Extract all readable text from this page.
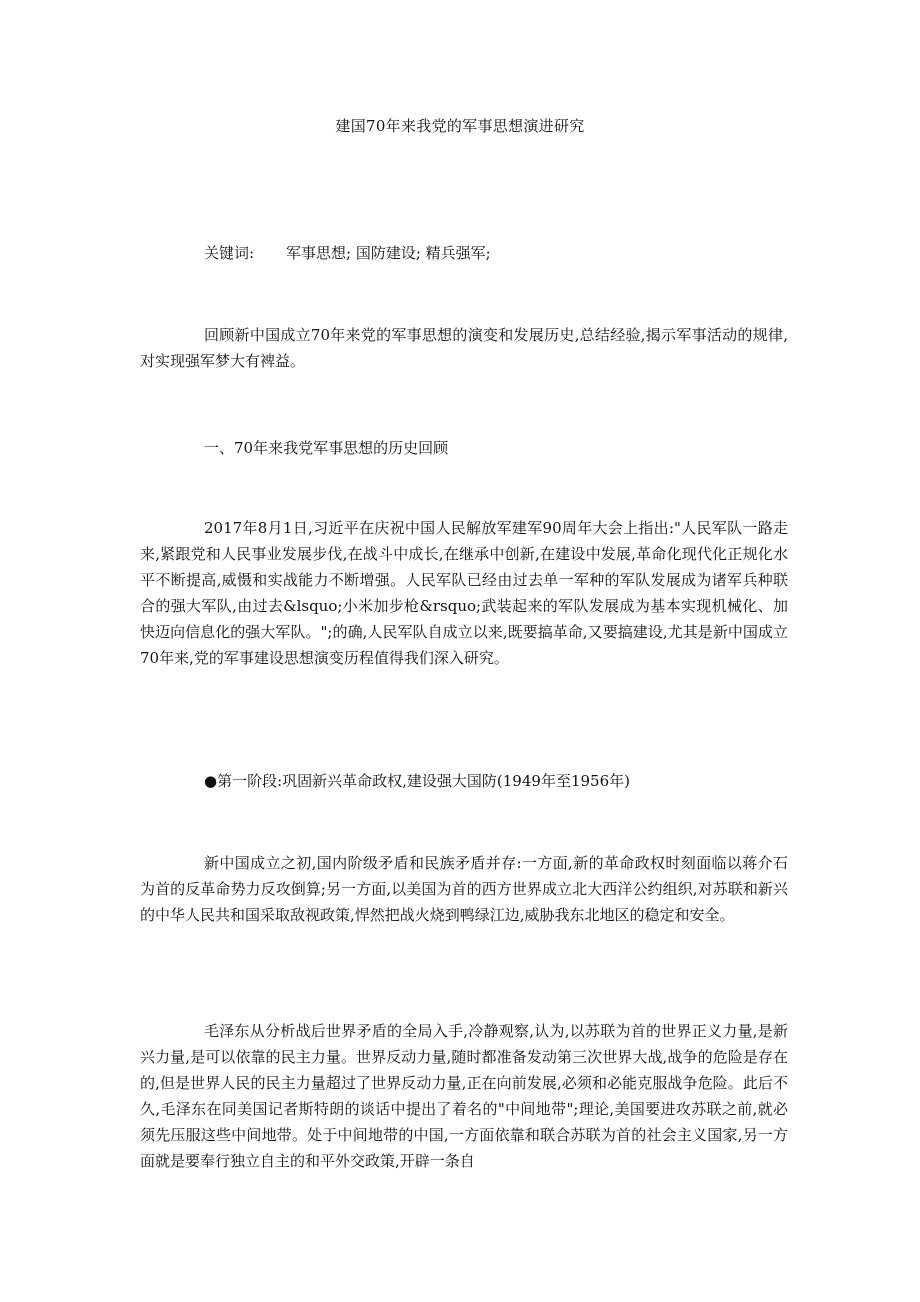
建国70年来我党的军事思想演进研究
关键词: 军事思想; 国防建设; 精兵强军;
回顾新中国成立70年来党的军事思想的演变和发展历史,总结经验,揭示军事活动的规律,对实现强军梦大有裨益。
一、70年来我党军事思想的历史回顾
2017年8月1日,习近平在庆祝中国人民解放军建军90周年大会上指出:"人民军队一路走来,紧跟党和人民事业发展步伐,在战斗中成长,在继承中创新,在建设中发展,革命化现代化正规化水平不断提高,威慑和实战能力不断增强。人民军队已经由过去单一军种的军队发展成为诸军兵种联合的强大军队,由过去&lsquo;小米加步枪&rsquo;武装起来的军队发展成为基本实现机械化、加快迈向信息化的强大军队。";的确,人民军队自成立以来,既要搞革命,又要搞建设,尤其是新中国成立70年来,党的军事建设思想演变历程值得我们深入研究。
●第一阶段:巩固新兴革命政权,建设强大国防(1949年至1956年)
新中国成立之初,国内阶级矛盾和民族矛盾并存:一方面,新的革命政权时刻面临以蒋介石为首的反革命势力反攻倒算;另一方面,以美国为首的西方世界成立北大西洋公约组织,对苏联和新兴的中华人民共和国采取敌视政策,悍然把战火烧到鸭绿江边,威胁我东北地区的稳定和安全。
毛泽东从分析战后世界矛盾的全局入手,冷静观察,认为,以苏联为首的世界正义力量,是新兴力量,是可以依靠的民主力量。世界反动力量,随时都准备发动第三次世界大战,战争的危险是存在的,但是世界人民的民主力量超过了世界反动力量,正在向前发展,必须和必能克服战争危险。此后不久,毛泽东在同美国记者斯特朗的谈话中提出了着名的"中间地带";理论,美国要进攻苏联之前,就必须先压服这些中间地带。处于中间地带的中国,一方面依靠和联合苏联为首的社会主义国家,另一方面就是要奉行独立自主的和平外交政策,开辟一条自
